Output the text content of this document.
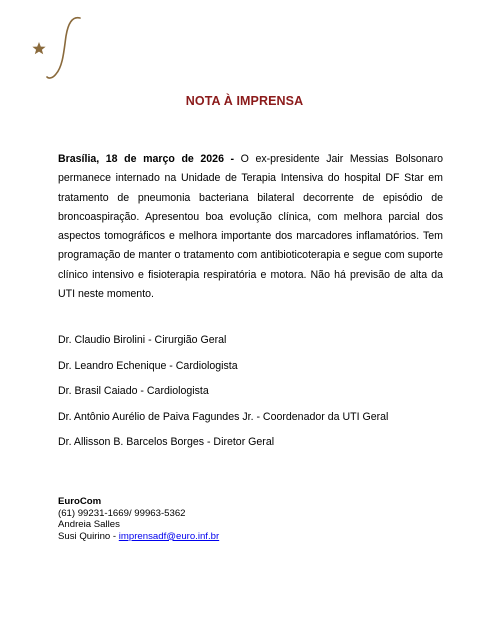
NOTA À IMPRENSA
Brasília, 18 de março de 2026 - O ex-presidente Jair Messias Bolsonaro permanece internado na Unidade de Terapia Intensiva do hospital DF Star em tratamento de pneumonia bacteriana bilateral decorrente de episódio de broncoaspiração. Apresentou boa evolução clínica, com melhora parcial dos aspectos tomográficos e melhora importante dos marcadores inflamatórios. Tem programação de manter o tratamento com antibioticoterapia e segue com suporte clínico intensivo e fisioterapia respiratória e motora. Não há previsão de alta da UTI neste momento.
Dr. Claudio Birolini - Cirurgião Geral
Dr. Leandro Echenique - Cardiologista
Dr. Brasil Caiado - Cardiologista
Dr. Antônio Aurélio de Paiva Fagundes Jr. - Coordenador da UTI Geral
Dr. Allisson B. Barcelos Borges - Diretor Geral
EuroCom
(61) 99231-1669/ 99963-5362
Andreia Salles
Susi Quirino - imprensadf@euro.inf.br
